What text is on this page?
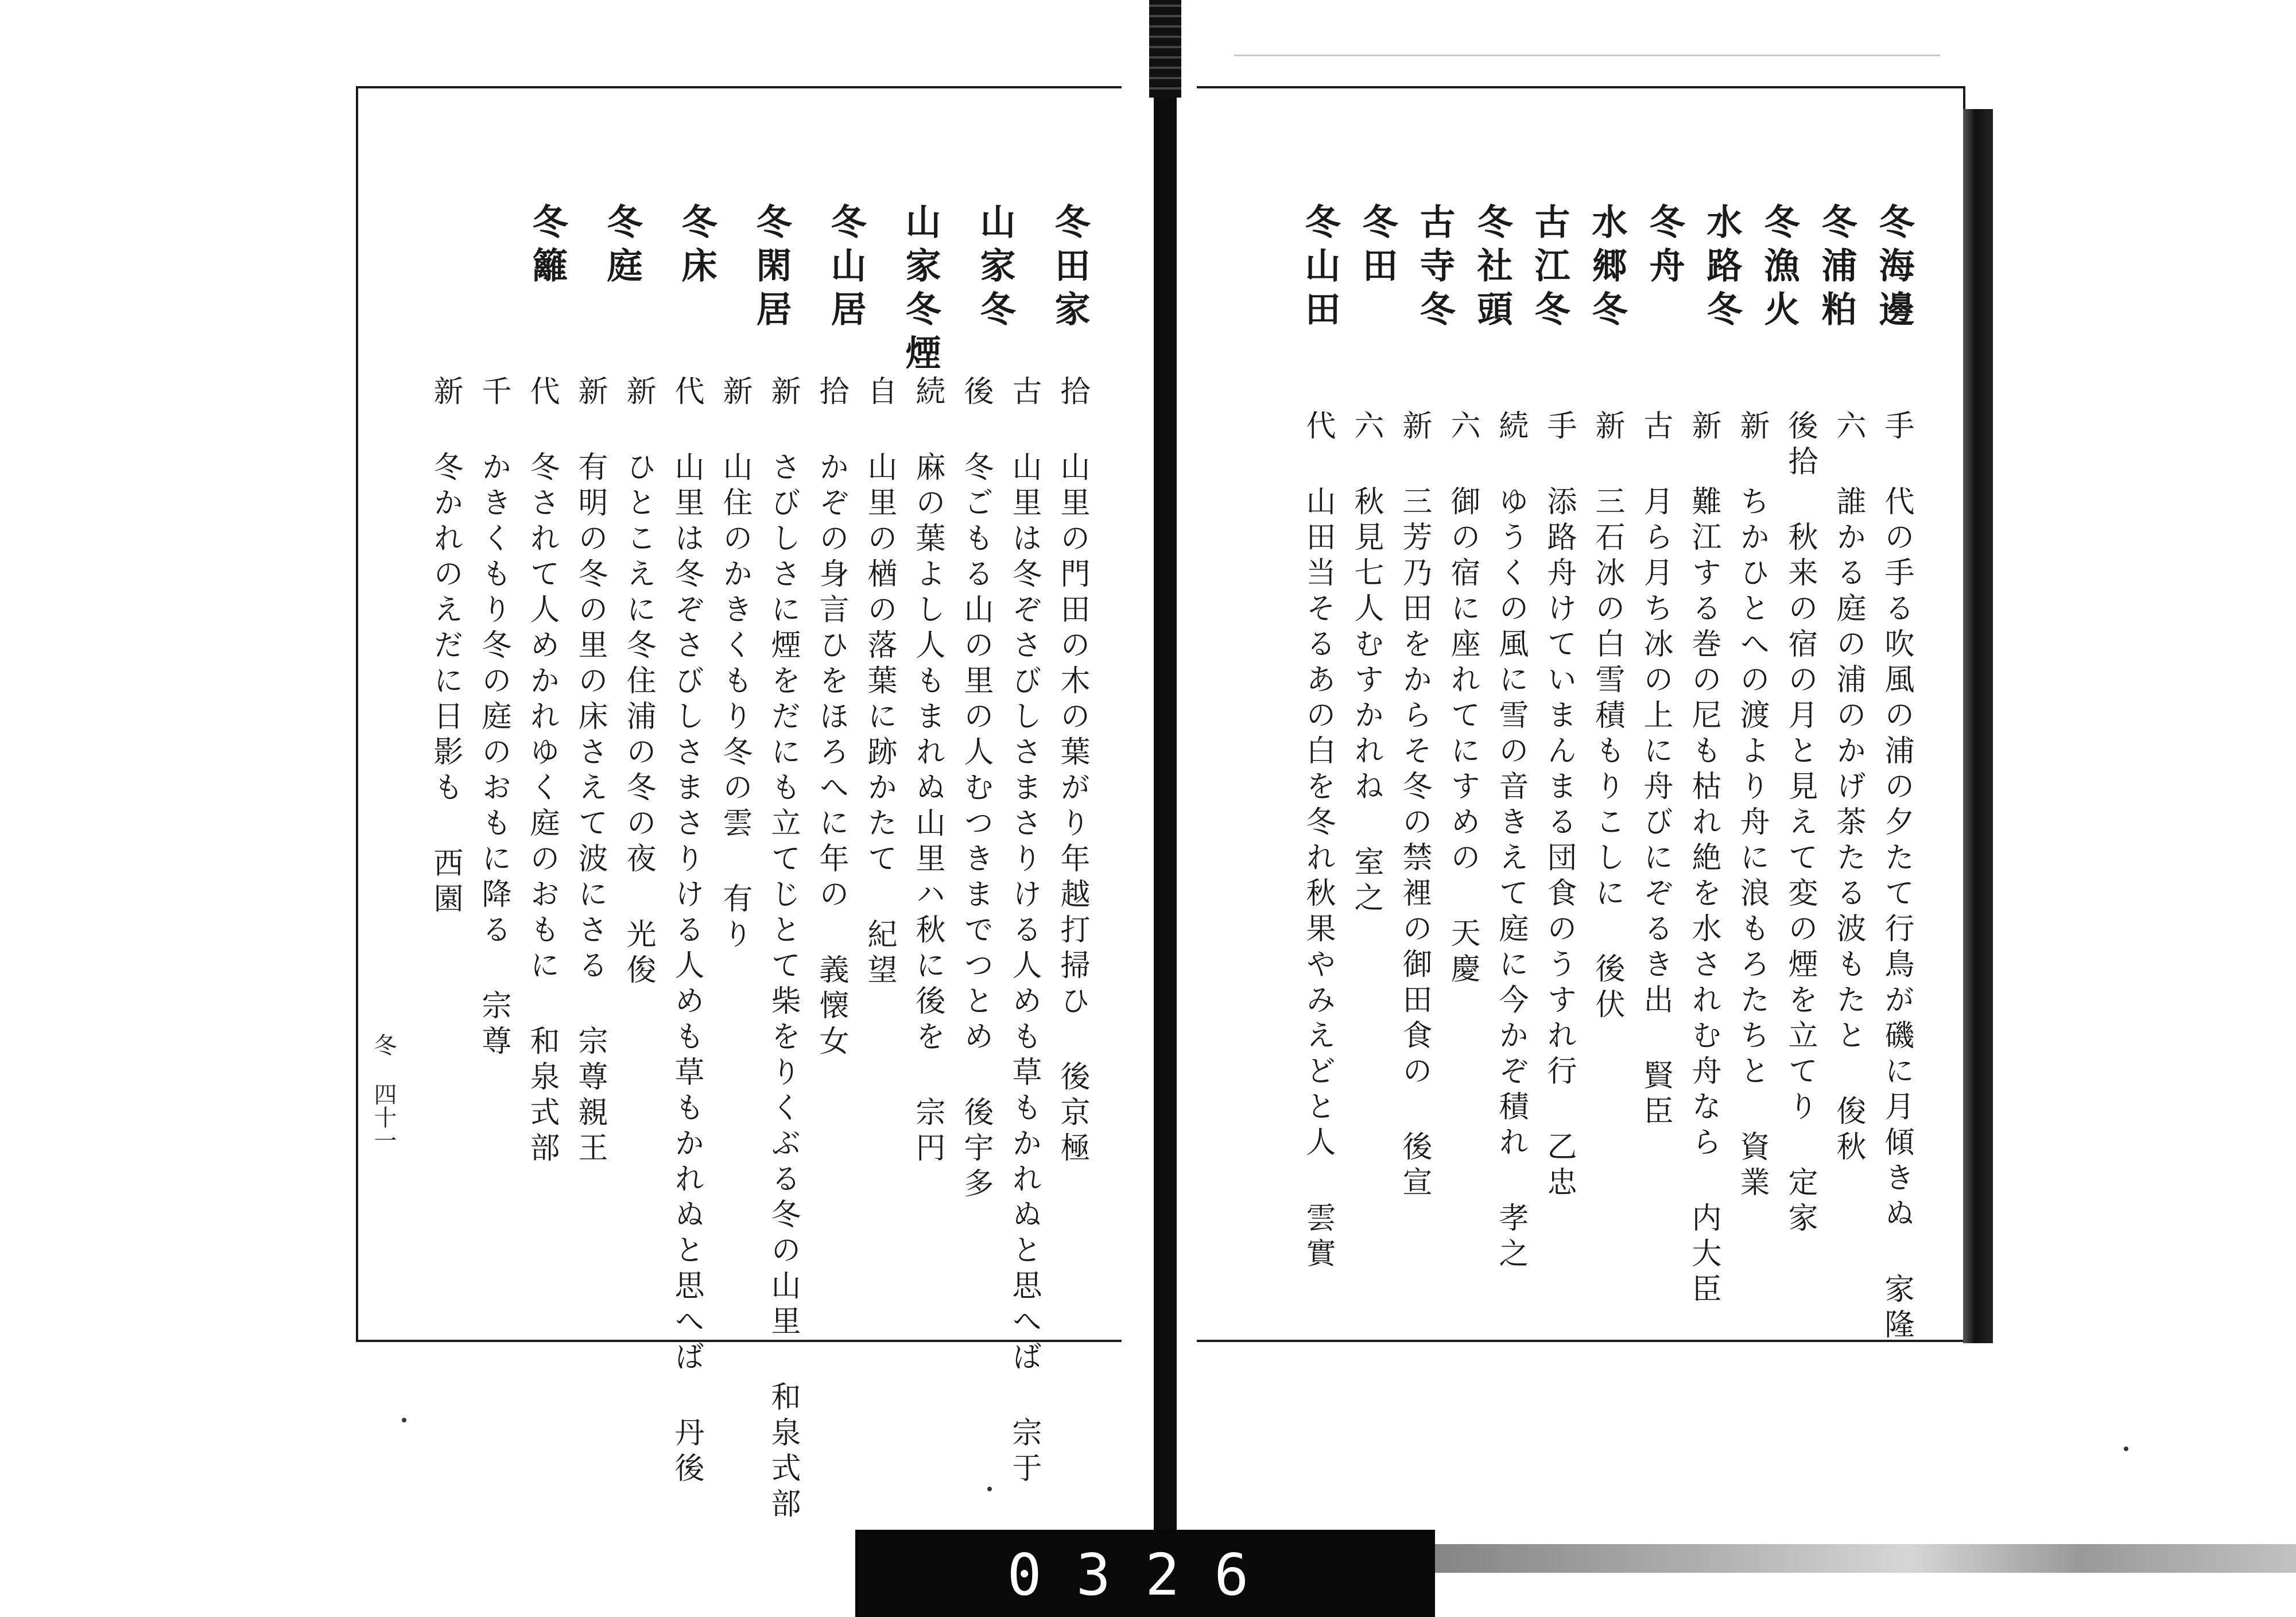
冬田家
山家冬
山家冬煙
冬山居
冬閑居
冬床
冬庭
冬籬
拾 山里の門田の木の葉がり年越打掃ひ 後京極
古 山里は冬ぞさびしさまさりける人めも草もかれぬと思へば 宗于
後 冬ごもる山の里の人むつきまでつとめ 後宇多
続 麻の葉よし人もまれぬ山里ハ秋に後を 宗円
自 山里の楢の落葉に跡かたて 紀望
拾 かぞの身言ひをほろへに年の 義懐女
新 さびしさに煙をだにも立てじとて柴をりくぶる冬の山里 和泉式部
新 山住のかきくもり冬の雲 有り
代 山里は冬ぞさびしさまさりける人めも草もかれぬと思へば 丹後
新 ひとこえに冬住浦の冬の夜 光俊
新 有明の冬の里の床さえて波にさる 宗尊親王
代 冬されて人めかれゆく庭のおもに 和泉式部
千 かきくもり冬の庭のおもに降る 宗尊
新 冬かれのえだに日影も 西園
冬海邊
冬浦粕
冬漁火
水路冬
冬舟
水郷冬
古江冬
冬社頭
古寺冬
冬田
冬山田
手 代の手る吹風の浦の夕たて行鳥が磯に月傾きぬ 家隆
六 誰かる庭の浦のかげ茶たる波もたと 俊秋
後拾 秋来の宿の月と見えて変の煙を立てり 定家
新 ちかひとへの渡より舟に浪もろたちと 資業
新 難江する巻の尼も枯れ絶を水されむ舟なら 内大臣
古 月ら月ち冰の上に舟びにぞるき出 賢臣
新 三石冰の白雪積もりこしに 後伏
手 添路舟けていまんまる団食のうすれ行 乙忠
続 ゆうくの風に雪の音きえて庭に今かぞ積れ 孝之
六 御の宿に座れてにすめの 天慶
新 三芳乃田をからそ冬の禁裡の御田食の 後宣
六 秋見七人むすかれね 室之
代 山田当そるあの白を冬れ秋果やみえどと人 雲實
冬 四十一
0326
